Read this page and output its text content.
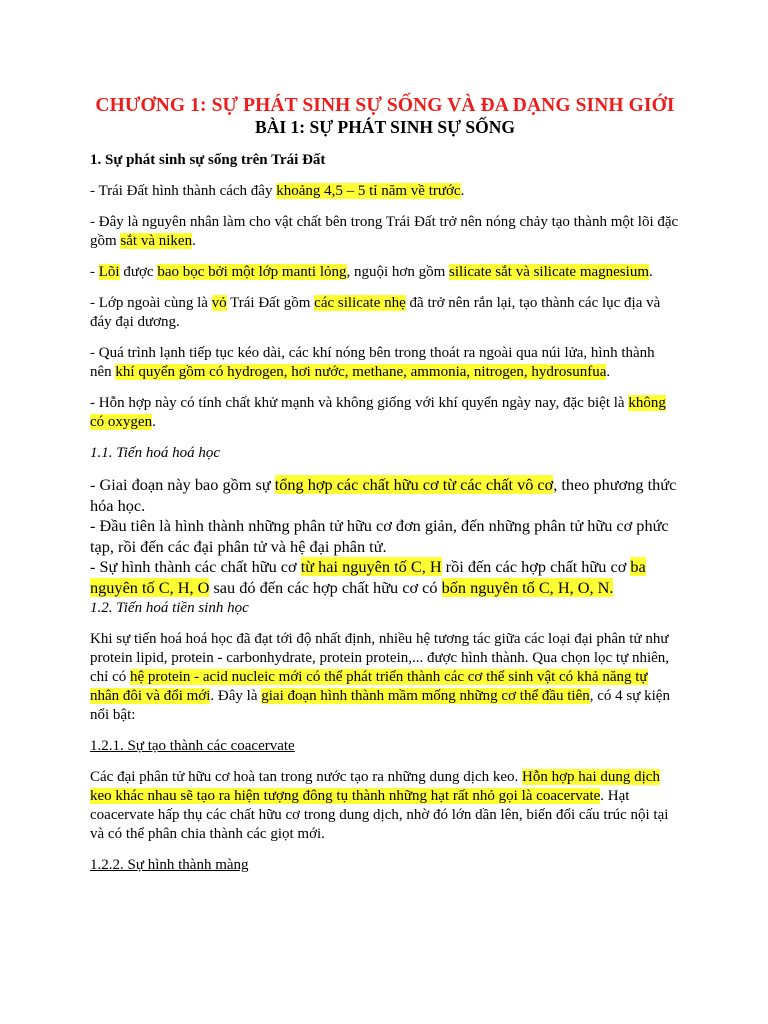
CHƯƠNG 1: SỰ PHÁT SINH SỰ SỐNG VÀ ĐA DẠNG SINH GIỚI
BÀI 1: SỰ PHÁT SINH SỰ SỐNG
1. Sự phát sinh sự sống trên Trái Đất

- Trái Đất hình thành cách đây khoảng 4,5 – 5 tỉ năm về trước.

- Đây là nguyên nhân làm cho vật chất bên trong Trái Đất trở nên nóng chảy tạo thành một lõi đặc gồm sắt và niken.

- Lõi được bao bọc bởi một lớp manti lỏng, nguội hơn gồm silicate sắt và silicate magnesium.

- Lớp ngoài cùng là vỏ Trái Đất gồm các silicate nhẹ đã trở nên rắn lại, tạo thành các lục địa và đáy đại dương.

- Quá trình lạnh tiếp tục kéo dài, các khí nóng bên trong thoát ra ngoài qua núi lửa, hình thành nên khí quyển gồm có hydrogen, hơi nước, methane, ammonia, nitrogen, hydrosunfua.

- Hỗn hợp này có tính chất khử mạnh và không giống với khí quyển ngày nay, đặc biệt là không có oxygen.

1.1. Tiến hoá hoá học

- Giai đoạn này bao gồm sự tổng hợp các chất hữu cơ từ các chất vô cơ, theo phương thức hóa học.

- Đầu tiên là hình thành những phân tử hữu cơ đơn giản, đến những phân tử hữu cơ phức tạp, rồi đến các đại phân tử và hệ đại phân tử.

- Sự hình thành các chất hữu cơ từ hai nguyên tố C, H rồi đến các hợp chất hữu cơ ba nguyên tố C, H, O sau đó đến các hợp chất hữu cơ có bốn nguyên tố C, H, O, N.

1.2. Tiến hoá tiền sinh học

Khi sự tiến hoá hoá học đã đạt tới độ nhất định, nhiều hệ tương tác giữa các loại đại phân tử như protein lipid, protein - carbonhydrate, protein protein,... được hình thành. Qua chọn lọc tự nhiên, chỉ có hệ protein - acid nucleic mới có thể phát triển thành các cơ thể sinh vật có khả năng tự nhân đôi và đổi mới. Đây là giai đoạn hình thành mầm mống những cơ thể đầu tiên, có 4 sự kiện nổi bật:

1.2.1. Sự tạo thành các coacervate

Các đại phân tử hữu cơ hoà tan trong nước tạo ra những dung dịch keo. Hỗn hợp hai dung dịch keo khác nhau sẽ tạo ra hiện tượng đông tụ thành những hạt rất nhỏ gọi là coacervate. Hạt coacervate hấp thụ các chất hữu cơ trong dung dịch, nhờ đó lớn dần lên, biến đổi cấu trúc nội tại và có thể phân chia thành các giọt mới.

1.2.2. Sự hình thành màng
